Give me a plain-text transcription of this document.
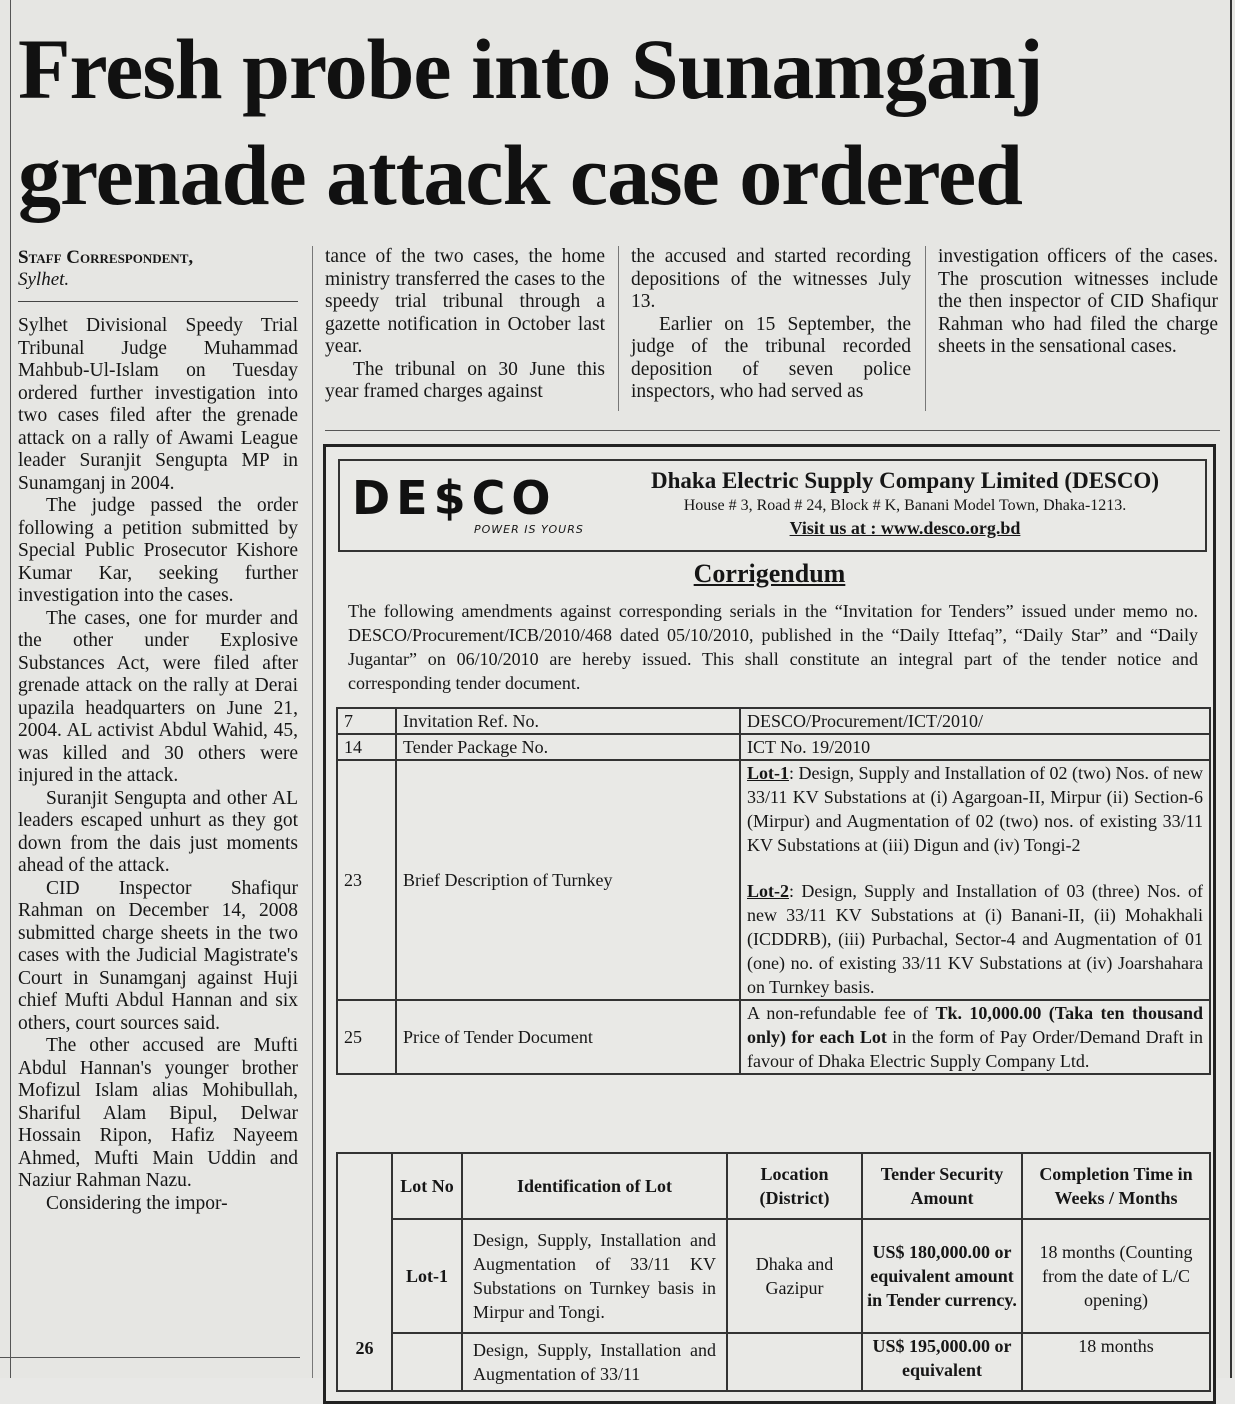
Fresh probe into Sunamganj
grenade attack case ordered
Staff Correspondent,
Sylhet.

Sylhet Divisional Speedy Trial Tribunal Judge Muhammad Mahbub-Ul-Islam on Tuesday ordered further investigation into two cases filed after the grenade attack on a rally of Awami League leader Suranjit Sengupta MP in Sunamganj in 2004.

The judge passed the order following a petition submitted by Special Public Prosecutor Kishore Kumar Kar, seeking further investigation into the cases.

The cases, one for murder and the other under Explosive Substances Act, were filed after grenade attack on the rally at Derai upazila headquarters on June 21, 2004. AL activist Abdul Wahid, 45, was killed and 30 others were injured in the attack.

Suranjit Sengupta and other AL leaders escaped unhurt as they got down from the dais just moments ahead of the attack.

CID Inspector Shafiqur Rahman on December 14, 2008 submitted charge sheets in the two cases with the Judicial Magistrate's Court in Sunamganj against Huji chief Mufti Abdul Hannan and six others, court sources said.

The other accused are Mufti Abdul Hannan's younger brother Mofizul Islam alias Mohibullah, Shariful Alam Bipul, Delwar Hossain Ripon, Hafiz Nayeem Ahmed, Mufti Main Uddin and Naziur Rahman Nazu.

Considering the impor-

tance of the two cases, the home ministry transferred the cases to the speedy trial tribunal through a gazette notification in October last year.

The tribunal on 30 June this year framed charges against

the accused and started recording depositions of the witnesses July 13.

Earlier on 15 September, the judge of the tribunal recorded deposition of seven police inspectors, who had served as

investigation officers of the cases. The proscution witnesses include the then inspector of CID Shafiqur Rahman who had filed the charge sheets in the sensational cases.

DE$CO
POWER IS YOURS
Dhaka Electric Supply Company Limited (DESCO)
House # 3, Road # 24, Block # K, Banani Model Town, Dhaka-1213.
Visit us at : www.desco.org.bd
Corrigendum
The following amendments against corresponding serials in the “Invitation for Tenders” issued under memo no. DESCO/Procurement/ICB/2010/468 dated 05/10/2010, published in the “Daily Ittefaq”, “Daily Star” and “Daily Jugantar” on 06/10/2010 are hereby issued. This shall constitute an integral part of the tender notice and corresponding tender document.
7	Invitation Ref. No.	DESCO/Procurement/ICT/2010/
14	Tender Package No.	ICT No. 19/2010
23	Brief Description of Turnkey	Lot-1: Design, Supply and Installation of 02 (two) Nos. of new 33/11 KV Substations at (i) Agargoan-II, Mirpur (ii) Section-6 (Mirpur) and Augmentation of 02 (two) nos. of existing 33/11 KV Substations at (iii) Digun and (iv) Tongi-2
Lot-2: Design, Supply and Installation of 03 (three) Nos. of new 33/11 KV Substations at (i) Banani-II, (ii) Mohakhali (ICDDRB), (iii) Purbachal, Sector-4 and Augmentation of 01 (one) no. of existing 33/11 KV Substations at (iv) Joarshahara on Turnkey basis.

25	Price of Tender Document	A non-refundable fee of Tk. 10,000.00 (Taka ten thousand only) for each Lot in the form of Pay Order/Demand Draft in favour of Dhaka Electric Supply Company Ltd.
26	Lot No	Identification of Lot	Location (District)	Tender Security Amount	Completion Time in Weeks / Months
	Lot-1	Design, Supply, Installation and Augmentation of 33/11 KV Substations on Turnkey basis in Mirpur and Tongi.	Dhaka and Gazipur	US$ 180,000.00 or equivalent amount in Tender currency.	18 months (Counting from the date of L/C opening)
		Design, Supply, Installation and Augmentation of 33/11		US$ 195,000.00 or equivalent	18 months
